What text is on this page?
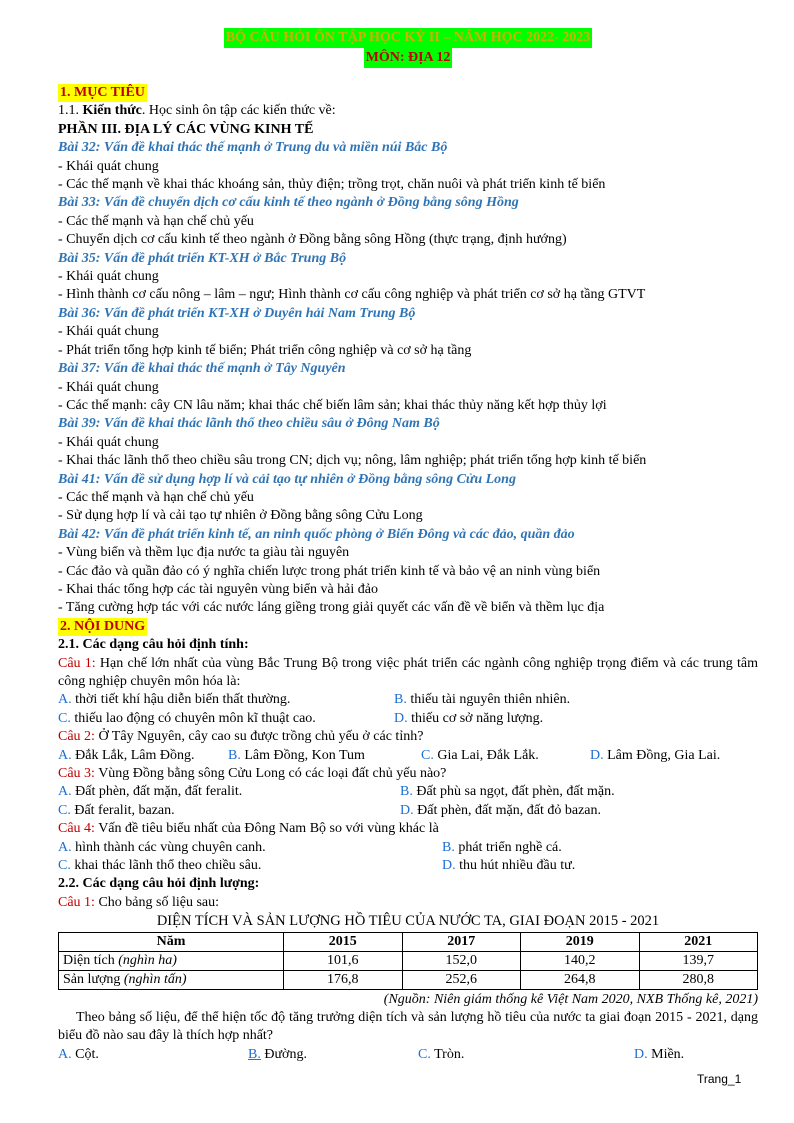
BỘ CÂU HỎI ÔN TẬP HỌC KỲ II – NĂM HỌC 2022- 2023
MÔN: ĐỊA 12
1. MỤC TIÊU
1.1. Kiến thức. Học sinh ôn tập các kiến thức về:
PHẦN III. ĐỊA LÝ CÁC VÙNG KINH TẾ
Bài 32: Vấn đề khai thác thế mạnh ở Trung du và miền núi Bắc Bộ
- Khái quát chung
- Các thế mạnh về khai thác khoáng sản, thủy điện; trồng trọt, chăn nuôi và phát triển kinh tế biển
Bài 33: Vấn đề chuyển dịch cơ cấu kinh tế theo ngành ở Đồng bằng sông Hồng
- Các thế mạnh và hạn chế chủ yếu
- Chuyển dịch cơ cấu kinh tế theo ngành ở Đồng bằng sông Hồng (thực trạng, định hướng)
Bài 35: Vấn đề phát triển KT-XH ở Bắc Trung Bộ
- Khái quát chung
- Hình thành cơ cấu nông – lâm – ngư; Hình thành cơ cấu công nghiệp và phát triển cơ sở hạ tầng GTVT
Bài 36: Vấn đề phát triển KT-XH ở Duyên hải Nam Trung Bộ
- Khái quát chung
- Phát triển tổng hợp kinh tế biển; Phát triển công nghiệp và cơ sở hạ tầng
Bài 37: Vấn đề khai thác thế mạnh ở Tây Nguyên
- Khái quát chung
- Các thế mạnh: cây CN lâu năm; khai thác chế biến lâm sản; khai thác thủy năng kết hợp thủy lợi
Bài 39: Vấn đề khai thác lãnh thổ theo chiều sâu ở Đông Nam Bộ
- Khái quát chung
- Khai thác lãnh thổ theo chiều sâu trong CN; dịch vụ; nông, lâm nghiệp; phát triển tổng hợp kinh tế biển
Bài 41: Vấn đề sử dụng hợp lí và cải tạo tự nhiên ở Đồng bằng sông Cửu Long
- Các thế mạnh và hạn chế chủ yếu
- Sử dụng hợp lí và cải tạo tự nhiên ở Đồng bằng sông Cửu Long
Bài 42: Vấn đề phát triển kinh tế, an ninh quốc phòng ở Biển Đông và các đảo, quần đảo
- Vùng biển và thềm lục địa nước ta giàu tài nguyên
- Các đảo và quần đảo có ý nghĩa chiến lược trong phát triển kinh tế và bảo vệ an ninh vùng biển
- Khai thác tổng hợp các tài nguyên vùng biển và hải đảo
- Tăng cường hợp tác với các nước láng giềng trong giải quyết các vấn đề về biển và thềm lục địa
2. NỘI DUNG
2.1. Các dạng câu hỏi định tính:
Câu 1: Hạn chế lớn nhất của vùng Bắc Trung Bộ trong việc phát triển các ngành công nghiệp trọng điểm và các trung tâm công nghiệp chuyên môn hóa là:
A. thời tiết khí hậu diễn biến thất thường.	B. thiếu tài nguyên thiên nhiên.
C. thiếu lao động có chuyên môn kĩ thuật cao.	D. thiếu cơ sở năng lượng.
Câu 2: Ở Tây Nguyên, cây cao su được trồng chủ yếu ở các tỉnh?
A. Đắk Lắk, Lâm Đồng.	B. Lâm Đồng, Kon Tum	C. Gia Lai, Đắk Lắk.	D. Lâm Đồng, Gia Lai.
Câu 3: Vùng Đồng bằng sông Cửu Long có các loại đất chủ yếu nào?
A. Đất phèn, đất mặn, đất feralit.	B. Đất phù sa ngọt, đất phèn, đất mặn.
C. Đất feralit, bazan.	D. Đất phèn, đất mặn, đất đỏ bazan.
Câu 4: Vấn đề tiêu biểu nhất của Đông Nam Bộ so với vùng khác là
A. hình thành các vùng chuyên canh.	B. phát triển nghề cá.
C. khai thác lãnh thổ theo chiều sâu.	D. thu hút nhiều đầu tư.
2.2. Các dạng câu hỏi định lượng:
Câu 1: Cho bảng số liệu sau:
DIỆN TÍCH VÀ SẢN LƯỢNG HỒ TIÊU CỦA NƯỚC TA, GIAI ĐOẠN 2015 - 2021
Năm	2015	2017	2019	2021
Diện tích (nghìn ha)	101,6	152,0	140,2	139,7
Sản lượng (nghìn tấn)	176,8	252,6	264,8	280,8
(Nguồn: Niên giám thống kê Việt Nam 2020, NXB Thống kê, 2021)
Theo bảng số liệu, để thể hiện tốc độ tăng trưởng diện tích và sản lượng hồ tiêu của nước ta giai đoạn 2015 - 2021, dạng biểu đồ nào sau đây là thích hợp nhất?
A. Cột.	B. Đường.	C. Tròn.	D. Miền.
Trang_1
